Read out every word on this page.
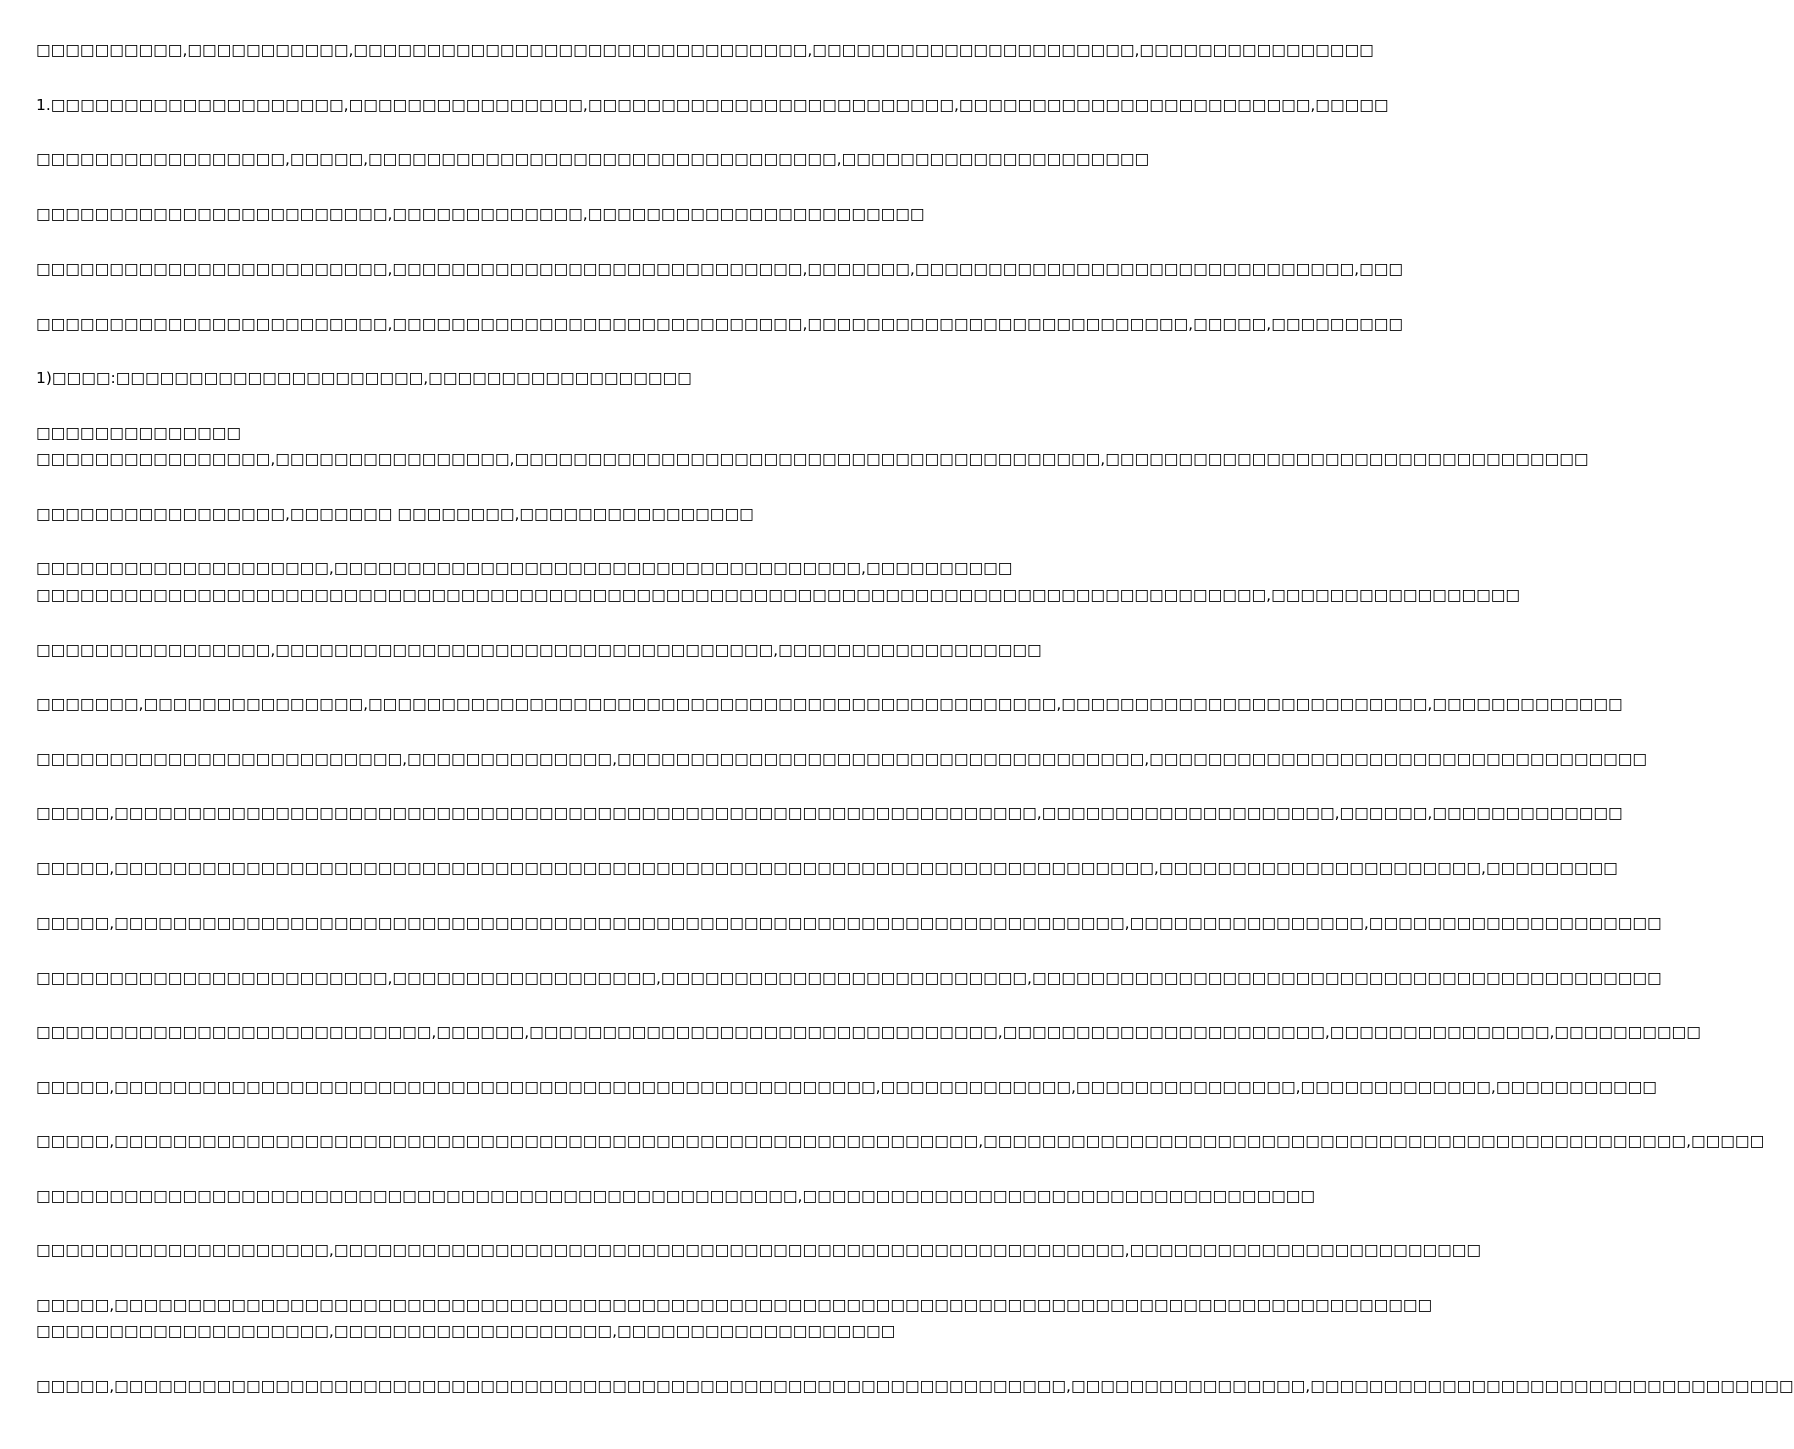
□□□□□□□□□□,□□□□□□□□□□□,□□□□□□□□□□□□□□□□□□□□□□□□□□□□□□□,□□□□□□□□□□□□□□□□□□□□□□,□□□□□□□□□□□□□□□□
1.□□□□□□□□□□□□□□□□□□□□,□□□□□□□□□□□□□□□□,□□□□□□□□□□□□□□□□□□□□□□□□□,□□□□□□□□□□□□□□□□□□□□□□□□,□□□□□
□□□□□□□□□□□□□□□□□,□□□□□,□□□□□□□□□□□□□□□□□□□□□□□□□□□□□□□□,□□□□□□□□□□□□□□□□□□□□□
□□□□□□□□□□□□□□□□□□□□□□□□,□□□□□□□□□□□□□,□□□□□□□□□□□□□□□□□□□□□□□
□□□□□□□□□□□□□□□□□□□□□□□□,□□□□□□□□□□□□□□□□□□□□□□□□□□□□,□□□□□□□,□□□□□□□□□□□□□□□□□□□□□□□□□□□□□□,□□□
□□□□□□□□□□□□□□□□□□□□□□□□,□□□□□□□□□□□□□□□□□□□□□□□□□□□□,□□□□□□□□□□□□□□□□□□□□□□□□□□,□□□□□,□□□□□□□□□
1)□□□□:□□□□□□□□□□□□□□□□□□□□□,□□□□□□□□□□□□□□□□□□
□□□□□□□□□□□□□□
□□□□□□□□□□□□□□□□,□□□□□□□□□□□□□□□□,□□□□□□□□□□□□□□□□□□□□□□□□□□□□□□□□□□□□□□□□,□□□□□□□□□□□□□□□□□□□□□□□□□□□□□□□□□
□□□□□□□□□□□□□□□□□,□□□□□□□ □□□□□□□□,□□□□□□□□□□□□□□□□
□□□□□□□□□□□□□□□□□□□□,□□□□□□□□□□□□□□□□□□□□□□□□□□□□□□□□□□□□,□□□□□□□□□□
□□□□□□□□□□□□□□□□□□□□□□□□□□□□□□□□□□□□□□□□□□□□□□□□□□□□□□□□□□□□□□□□□□□□□□□□□□□□□□□□□□□□,□□□□□□□□□□□□□□□□□
□□□□□□□□□□□□□□□□,□□□□□□□□□□□□□□□□□□□□□□□□□□□□□□□□□□,□□□□□□□□□□□□□□□□□□
□□□□□□□,□□□□□□□□□□□□□□□,□□□□□□□□□□□□□□□□□□□□□□□□□□□□□□□□□□□□□□□□□□□□□□□,□□□□□□□□□□□□□□□□□□□□□□□□□,□□□□□□□□□□□□□
□□□□□□□□□□□□□□□□□□□□□□□□□,□□□□□□□□□□□□□□,□□□□□□□□□□□□□□□□□□□□□□□□□□□□□□□□□□□□,□□□□□□□□□□□□□□□□□□□□□□□□□□□□□□□□□□
□□□□□,□□□□□□□□□□□□□□□□□□□□□□□□□□□□□□□□□□□□□□□□□□□□□□□□□□□□□□□□□□□□□□□,□□□□□□□□□□□□□□□□□□□□,□□□□□□,□□□□□□□□□□□□□
□□□□□,□□□□□□□□□□□□□□□□□□□□□□□□□□□□□□□□□□□□□□□□□□□□□□□□□□□□□□□□□□□□□□□□□□□□□□□,□□□□□□□□□□□□□□□□□□□□□□,□□□□□□□□□
□□□□□,□□□□□□□□□□□□□□□□□□□□□□□□□□□□□□□□□□□□□□□□□□□□□□□□□□□□□□□□□□□□□□□□□□□□□,□□□□□□□□□□□□□□□□,□□□□□□□□□□□□□□□□□□□□
□□□□□□□□□□□□□□□□□□□□□□□□,□□□□□□□□□□□□□□□□□□,□□□□□□□□□□□□□□□□□□□□□□□□□,□□□□□□□□□□□□□□□□□□□□□□□□□□□□□□□□□□□□□□□□□□□
□□□□□□□□□□□□□□□□□□□□□□□□□□□,□□□□□□,□□□□□□□□□□□□□□□□□□□□□□□□□□□□□□□□,□□□□□□□□□□□□□□□□□□□□□□,□□□□□□□□□□□□□□□,□□□□□□□□□□
□□□□□,□□□□□□□□□□□□□□□□□□□□□□□□□□□□□□□□□□□□□□□□□□□□□□□□□□□□,□□□□□□□□□□□□□,□□□□□□□□□□□□□□□,□□□□□□□□□□□□□,□□□□□□□□□□□
□□□□□,□□□□□□□□□□□□□□□□□□□□□□□□□□□□□□□□□□□□□□□□□□□□□□□□□□□□□□□□□□□,□□□□□□□□□□□□□□□□□□□□□□□□□□□□□□□□□□□□□□□□□□□□□□□□,□□□□□
□□□□□□□□□□□□□□□□□□□□□□□□□□□□□□□□□□□□□□□□□□□□□□□□□□□□,□□□□□□□□□□□□□□□□□□□□□□□□□□□□□□□□□□□
□□□□□□□□□□□□□□□□□□□□,□□□□□□□□□□□□□□□□□□□□□□□□□□□□□□□□□□□□□□□□□□□□□□□□□□□□□□,□□□□□□□□□□□□□□□□□□□□□□□□
□□□□□,□□□□□□□□□□□□□□□□□□□□□□□□□□□□□□□□□□□□□□□□□□□□□□□□□□□□□□□□□□□□□□□□□□□□□□□□□□□□□□□□□□□□□□□□□□
□□□□□□□□□□□□□□□□□□□□,□□□□□□□□□□□□□□□□□□□,□□□□□□□□□□□□□□□□□□□
□□□□□,□□□□□□□□□□□□□□□□□□□□□□□□□□□□□□□□□□□□□□□□□□□□□□□□□□□□□□□□□□□□□□□□□,□□□□□□□□□□□□□□□□,□□□□□□□□□□□□□□□□□□□□□□□□□□□□□□□□□
